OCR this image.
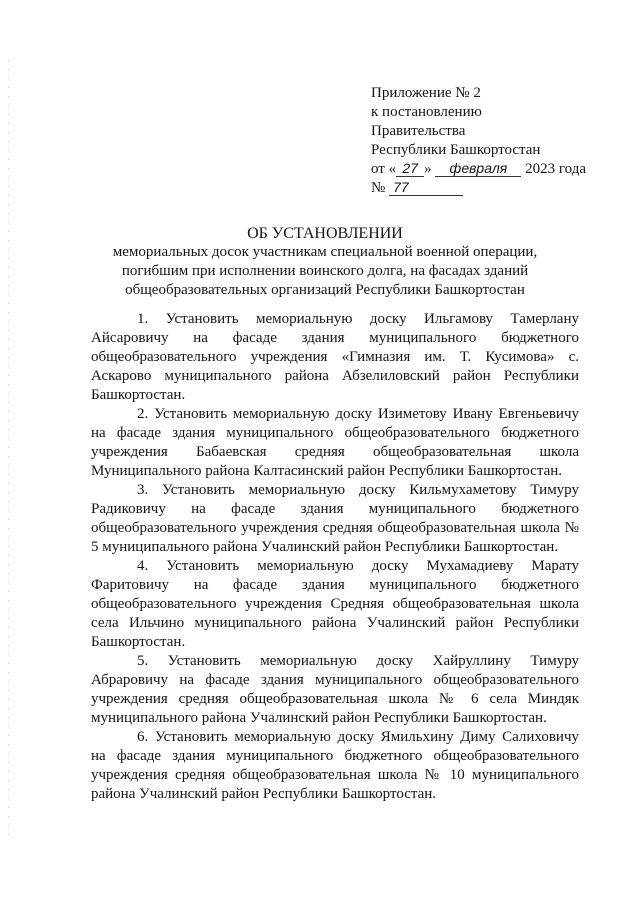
Приложение № 2
к постановлению
Правительства
Республики Башкортостан
от « 27 » февраля 2023 года
№ 77
ОБ УСТАНОВЛЕНИИ
мемориальных досок участникам специальной военной операции,
погибшим при исполнении воинского долга, на фасадах зданий
общеобразовательных организаций Республики Башкортостан

1. Установить мемориальную доску Ильгамову Тамерлану Айсаровичу на фасаде здания муниципального бюджетного общеобразовательного учреждения «Гимназия им. Т. Кусимова» с. Аскарово муниципального района Абзелиловский район Республики Башкортостан.

2. Установить мемориальную доску Изиметову Ивану Евгеньевичу на фасаде здания муниципального общеобразовательного бюджетного учреждения Бабаевская средняя общеобразовательная школа Муниципального района Калтасинский район Республики Башкортостан.

3. Установить мемориальную доску Кильмухаметову Тимуру Радиковичу на фасаде здания муниципального бюджетного общеобразовательного учреждения средняя общеобразовательная школа № 5 муниципального района Учалинский район Республики Башкортостан.

4. Установить мемориальную доску Мухамадиеву Марату Фаритовичу на фасаде здания муниципального бюджетного общеобразовательного учреждения Средняя общеобразовательная школа села Ильчино муниципального района Учалинский район Республики Башкортостан.

5. Установить мемориальную доску Хайруллину Тимуру Абраровичу на фасаде здания муниципального общеобразовательного учреждения средняя общеобразовательная школа № 6 села Миндяк муниципального района Учалинский район Республики Башкортостан.

6. Установить мемориальную доску Ямильхину Диму Салиховичу на фасаде здания муниципального бюджетного общеобразовательного учреждения средняя общеобразовательная школа № 10 муниципального района Учалинский район Республики Башкортостан.
